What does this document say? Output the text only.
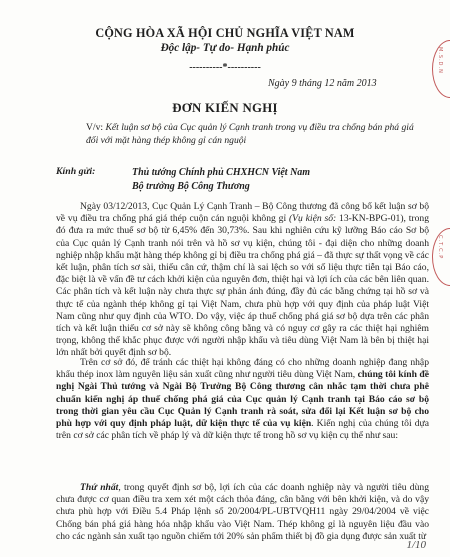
CỘNG HÒA XÃ HỘI CHỦ NGHĨA VIỆT NAM
Độc lập- Tự do- Hạnh phúc
----------*----------
Ngày 9 tháng 12 năm 2013
ĐƠN KIẾN NGHỊ
V/v: Kết luận sơ bộ của Cục quản lý Cạnh tranh trong vụ điều tra chống bán phá giá đối với mặt hàng thép không gỉ cán nguội
Kính gửi:	Thủ tướng Chính phủ CHXHCN Việt Nam
Bộ trưởng Bộ Công Thương
Ngày 03/12/2013, Cục Quản Lý Cạnh Tranh – Bộ Công thương đã công bố kết luận sơ bộ về vụ điều tra chống phá giá thép cuộn cán nguội không gỉ (Vụ kiện số: 13-KN-BPG-01), trong đó đưa ra mức thuế sơ bộ từ 6,45% đến 30,73%. Sau khi nghiên cứu kỹ lưỡng Báo cáo Sơ bộ của Cục quản lý Cạnh tranh nói trên và hồ sơ vụ kiện, chúng tôi - đại diện cho những doanh nghiệp nhập khẩu mặt hàng thép không gỉ bị điều tra chống phá giá – đã thực sự thất vọng về các kết luận, phân tích sơ sài, thiếu cân cứ, thậm chí là sai lệch so với số liệu thực tiễn tại Báo cáo, đặc biệt là về vấn đề tư cách khởi kiện của nguyên đơn, thiệt hại và lợi ích của các bên liên quan. Các phân tích và kết luận này chưa thực sự phản ánh đúng, đầy đủ các bằng chứng tại hồ sơ và thực tế của ngành thép không gỉ tại Việt Nam, chưa phù hợp với quy định của pháp luật Việt Nam cũng như quy định của WTO. Do vậy, việc áp thuế chống phá giá sơ bộ dựa trên các phân tích và kết luận thiếu cơ sở này sẽ không công bằng và có nguy cơ gây ra các thiệt hại nghiêm trọng, không thể khắc phục được với người nhập khẩu và tiêu dùng Việt Nam là bên bị thiệt hại lớn nhất bởi quyết định sơ bộ.
Trên cơ sở đó, để tránh các thiệt hại không đáng có cho những doanh nghiệp đang nhập khẩu thép inox làm nguyên liệu sản xuất cũng như người tiêu dùng Việt Nam, chúng tôi kính đề nghị Ngài Thủ tướng và Ngài Bộ Trưởng Bộ Công thương cân nhắc tạm thời chưa phê chuẩn kiến nghị áp thuế chống phá giá của Cục quản lý Cạnh tranh tại Báo cáo sơ bộ trong thời gian yêu cầu Cục Quản lý Cạnh tranh rà soát, sửa đổi lại Kết luận sơ bộ cho phù hợp với quy định pháp luật, dữ kiện thực tế của vụ kiện. Kiến nghị của chúng tôi dựa trên cơ sở các phân tích về pháp lý và dữ kiện thực tế trong hồ sơ vụ kiện cụ thể như sau:
Thứ nhất, trong quyết định sơ bộ, lợi ích của các doanh nghiệp này và người tiêu dùng chưa được cơ quan điều tra xem xét một cách thỏa đáng, cân bằng với bên khởi kiện, và do vậy chưa phù hợp với Điều 5.4 Pháp lệnh số 20/2004/PL-UBTVQH11 ngày 29/04/2004 về việc Chống bán phá giá hàng hóa nhập khẩu vào Việt Nam. Thép không gỉ là nguyên liệu đầu vào cho các ngành sản xuất tạo nguồn chiếm tới 20% sản phẩm thiết bị đồ gia dụng được sản xuất từ
M.S.D.N
C.T.C.P
1/10
